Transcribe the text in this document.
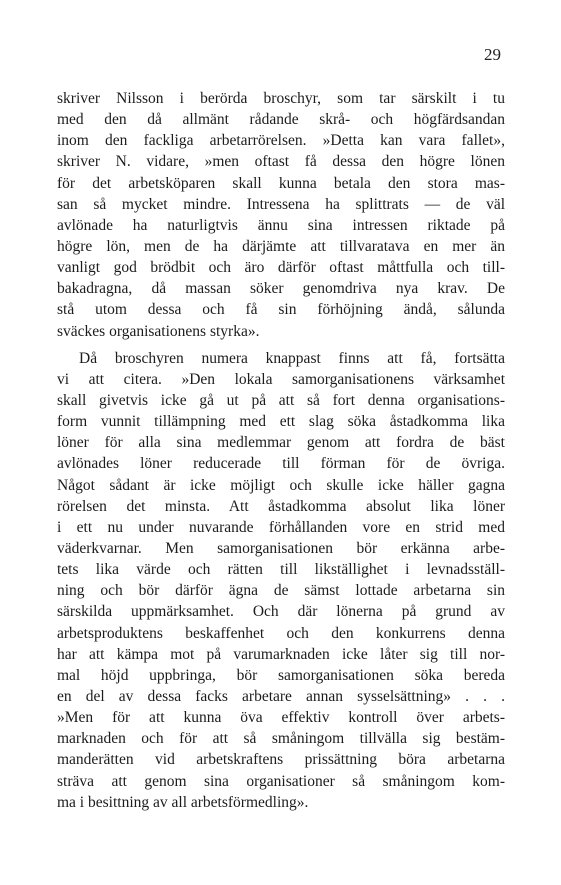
29
skriver Nilsson i berörda broschyr, som tar särskilt i tu
med den då allmänt rådande skrå- och högfärdsandan
inom den fackliga arbetarrörelsen. »Detta kan vara fallet»,
skriver N. vidare, »men oftast få dessa den högre lönen
för det arbetsköparen skall kunna betala den stora mas-
san så mycket mindre. Intressena ha splittrats — de väl
avlönade ha naturligtvis ännu sina intressen riktade på
högre lön, men de ha därjämte att tillvaratava en mer än
vanligt god brödbit och äro därför oftast måttfulla och till-
bakadragna, då massan söker genomdriva nya krav. De
stå utom dessa och få sin förhöjning ändå, sålunda
sväckes organisationens styrka».
Då broschyren numera knappast finns att få, fortsätta
vi att citera. »Den lokala samorganisationens värksamhet
skall givetvis icke gå ut på att så fort denna organisations-
form vunnit tillämpning med ett slag söka åstadkomma lika
löner för alla sina medlemmar genom att fordra de bäst
avlönades löner reducerade till förman för de övriga.
Något sådant är icke möjligt och skulle icke häller gagna
rörelsen det minsta. Att åstadkomma absolut lika löner
i ett nu under nuvarande förhållanden vore en strid med
väderkvarnar. Men samorganisationen bör erkänna arbe-
tets lika värde och rätten till likställighet i levnadsställ-
ning och bör därför ägna de sämst lottade arbetarna sin
särskilda uppmärksamhet. Och där lönerna på grund av
arbetsproduktens beskaffenhet och den konkurrens denna
har att kämpa mot på varumarknaden icke låter sig till nor-
mal höjd uppbringa, bör samorganisationen söka bereda
en del av dessa facks arbetare annan sysselsättning» . . .
»Men för att kunna öva effektiv kontroll över arbets-
marknaden och för att så småningom tillvälla sig bestäm-
manderätten vid arbetskraftens prissättning böra arbetarna
sträva att genom sina organisationer så småningom kom-
ma i besittning av all arbetsförmedling».
